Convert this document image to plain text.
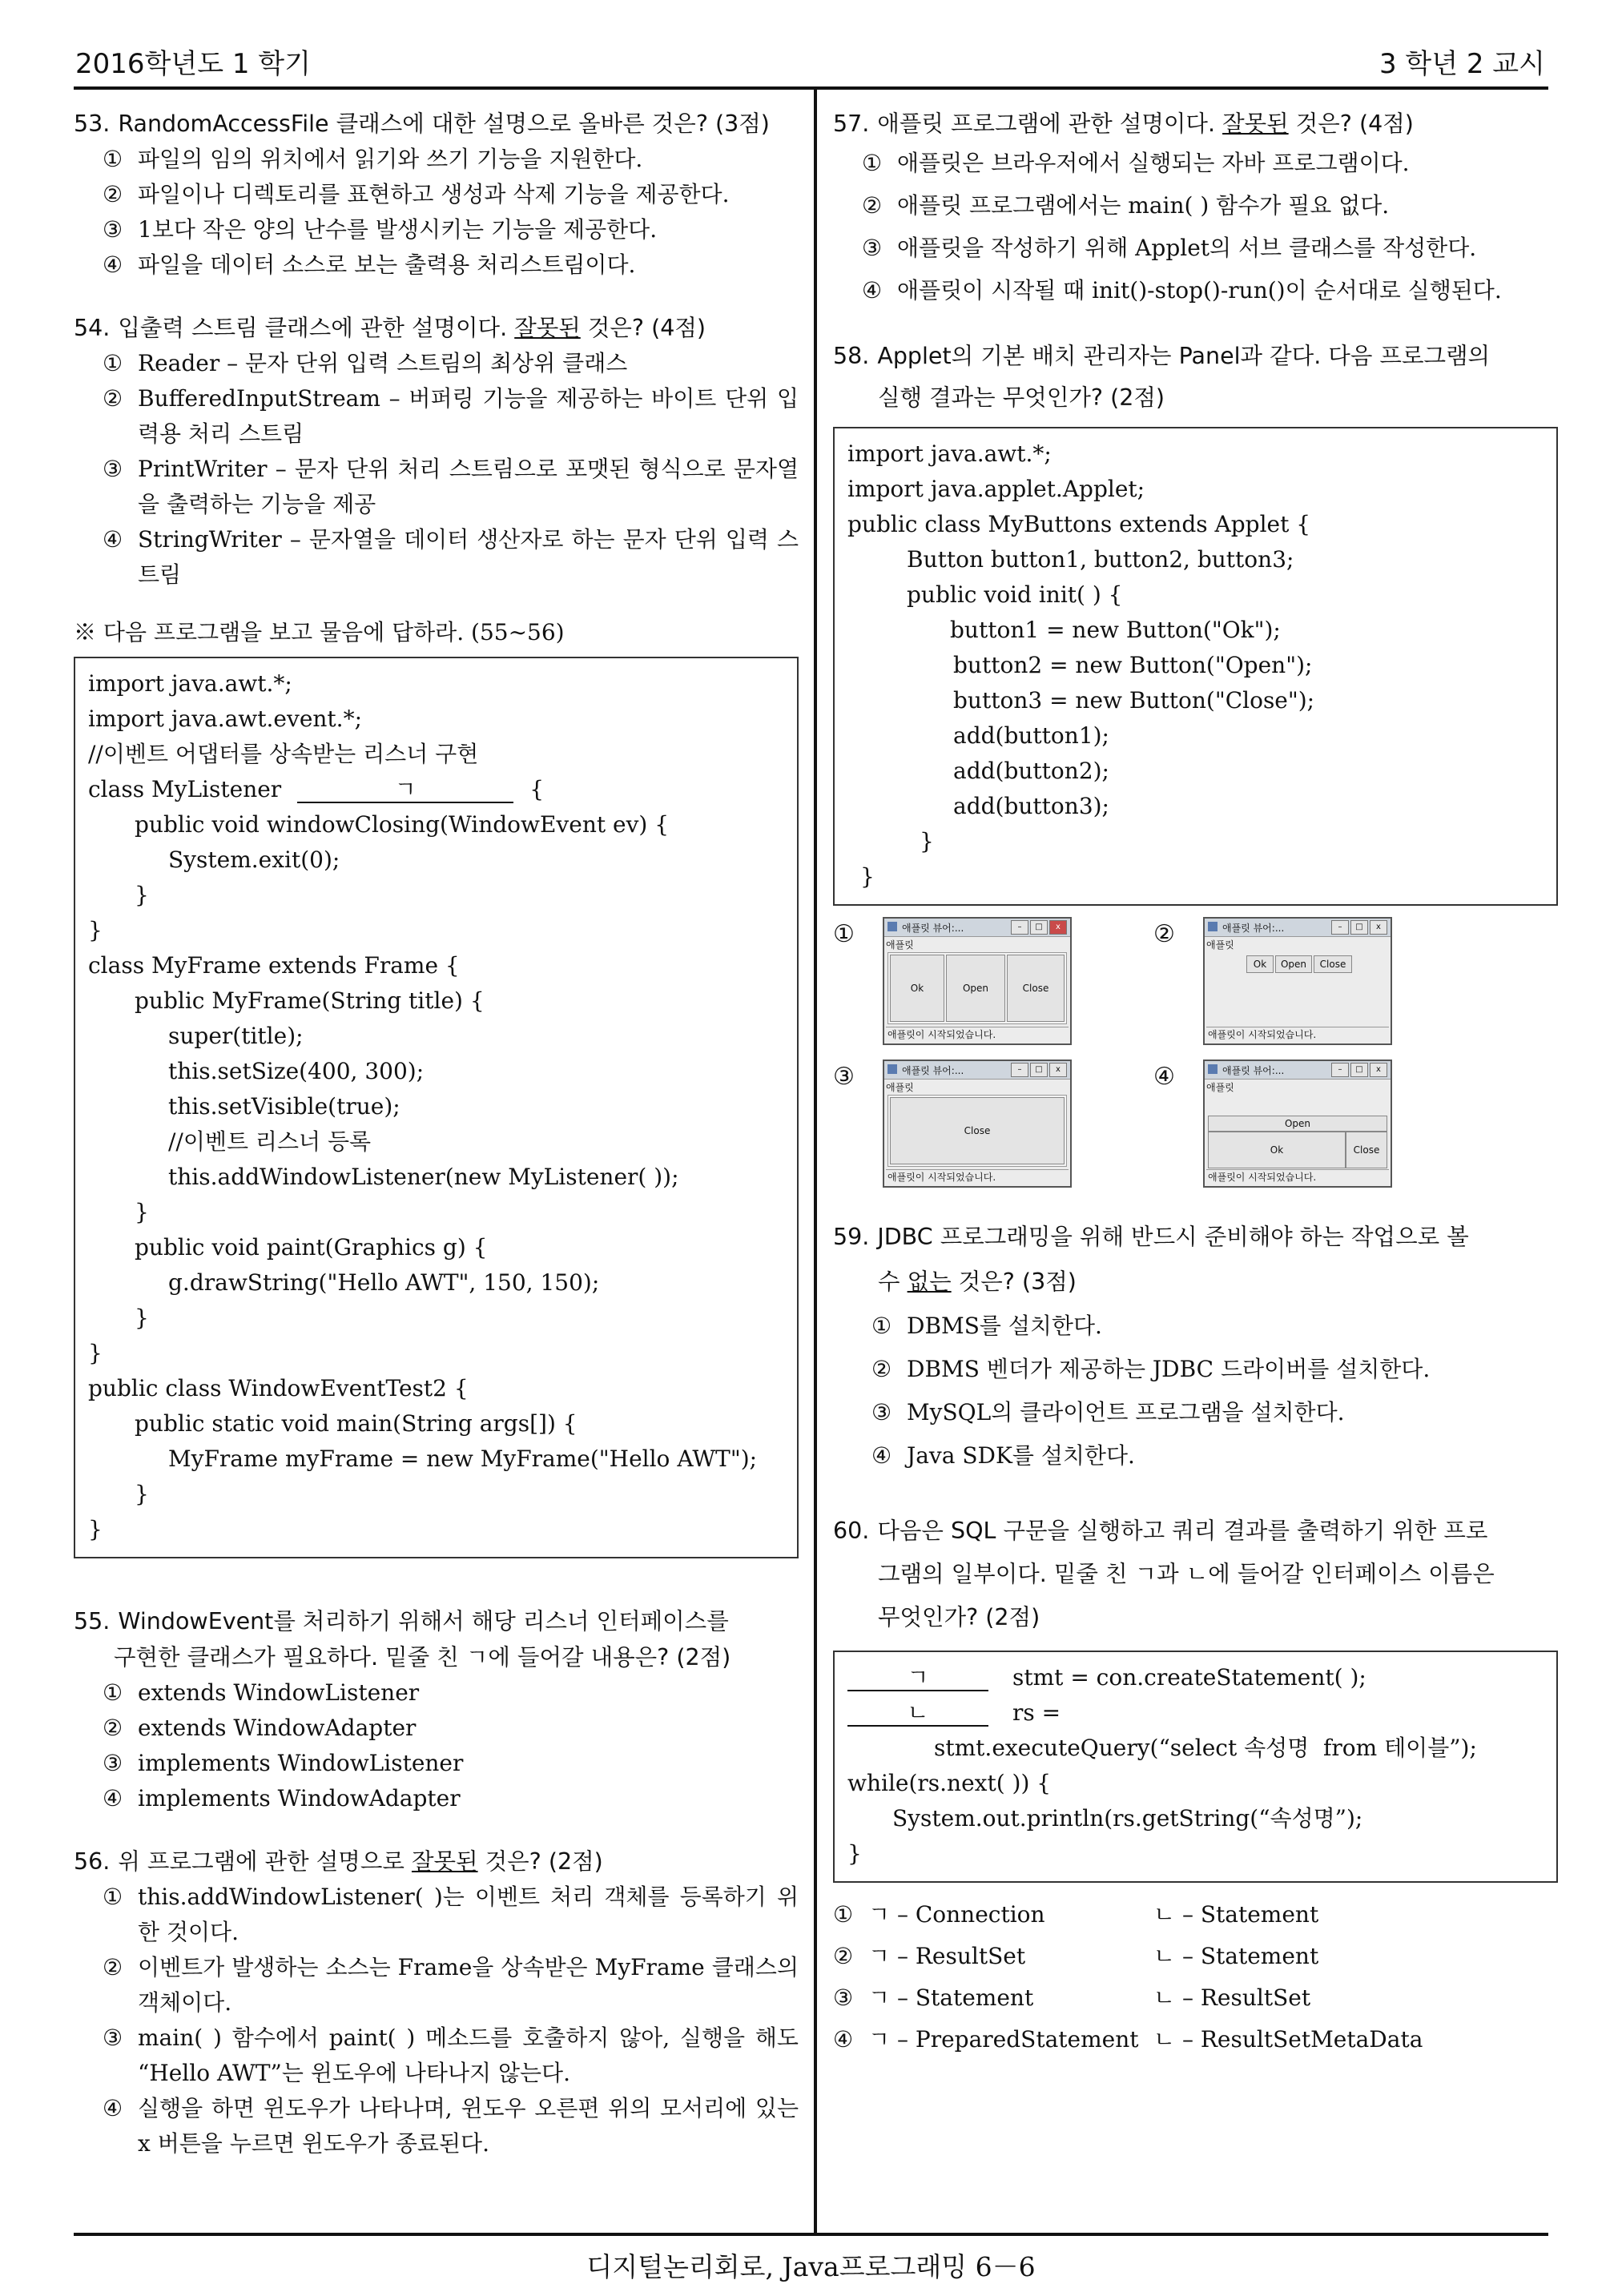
2016학년도 1 학기	3 학년 2 교시
53. RandomAccessFile 클래스에 대한 설명으로 올바른 것은? (3점)
① 파일의 임의 위치에서 읽기와 쓰기 기능을 지원한다.
② 파일이나 디렉토리를 표현하고 생성과 삭제 기능을 제공한다.
③ 1보다 작은 양의 난수를 발생시키는 기능을 제공한다.
④ 파일을 데이터 소스로 보는 출력용 처리스트림이다.
54. 입출력 스트림 클래스에 관한 설명이다. 잘못된 것은? (4점)
① Reader – 문자 단위 입력 스트림의 최상위 클래스
② BufferedInputStream – 버퍼링 기능을 제공하는 바이트 단위 입력용 처리 스트림
③ PrintWriter – 문자 단위 처리 스트림으로 포맷된 형식으로 문자열을 출력하는 기능을 제공
④ StringWriter – 문자열을 데이터 생산자로 하는 문자 단위 입력 스트림
※ 다음 프로그램을 보고 물음에 답하라. (55∼56)
import java.awt.*;
import java.awt.event.*;
//이벤트 어댑터를 상속받는 리스너 구현
class MyListener	ㄱ	{
public void windowClosing(WindowEvent ev) {
System.exit(0);
}
}
class MyFrame extends Frame {
public MyFrame(String title) {
super(title);
this.setSize(400, 300);
this.setVisible(true);
//이벤트 리스너 등록
this.addWindowListener(new MyListener( ));
}
public void paint(Graphics g) {
g.drawString("Hello AWT", 150, 150);
}
}
public class WindowEventTest2 {
public static void main(String args[]) {
MyFrame myFrame = new MyFrame("Hello AWT");
}
}
55. WindowEvent를 처리하기 위해서 해당 리스너 인터페이스를
구현한 클래스가 필요하다. 밑줄 친 ㄱ에 들어갈 내용은? (2점)
① extends WindowListener
② extends WindowAdapter
③ implements WindowListener
④ implements WindowAdapter
56. 위 프로그램에 관한 설명으로 잘못된 것은? (2점)
① this.addWindowListener( )는 이벤트 처리 객체를 등록하기 위한 것이다.
② 이벤트가 발생하는 소스는 Frame을 상속받은 MyFrame 클래스의 객체이다.
③ main( ) 함수에서 paint( ) 메소드를 호출하지 않아, 실행을 해도 “Hello AWT”는 윈도우에 나타나지 않는다.
④ 실행을 하면 윈도우가 나타나며, 윈도우 오른편 위의 모서리에 있는 x 버튼을 누르면 윈도우가 종료된다.
57. 애플릿 프로그램에 관한 설명이다. 잘못된 것은? (4점)
① 애플릿은 브라우저에서 실행되는 자바 프로그램이다.
② 애플릿 프로그램에서는 main( ) 함수가 필요 없다.
③ 애플릿을 작성하기 위해 Applet의 서브 클래스를 작성한다.
④ 애플릿이 시작될 때 init()-stop()-run()이 순서대로 실행된다.
58. Applet의 기본 배치 관리자는 Panel과 같다. 다음 프로그램의
실행 결과는 무엇인가? (2점)
import java.awt.*;
import java.applet.Applet;
public class MyButtons extends Applet {
Button button1, button2, button3;
public void init( ) {
button1 = new Button("Ok");
button2 = new Button("Open");
button3 = new Button("Close");
add(button1);
add(button2);
add(button3);
}
}
①	애플릿 뷰어:...	–	□	x
애플릿
Ok	Open	Close
애플릿이 시작되었습니다.
②	애플릿 뷰어:...	–	□	x
애플릿
Ok	Open	Close
애플릿이 시작되었습니다.
③	애플릿 뷰어:...	–	□	x
애플릿
Close
애플릿이 시작되었습니다.
④	애플릿 뷰어:...	–	□	x
애플릿
Open
Ok	Close
애플릿이 시작되었습니다.
59. JDBC 프로그래밍을 위해 반드시 준비해야 하는 작업으로 볼
수 없는 것은? (3점)
① DBMS를 설치한다.
② DBMS 벤더가 제공하는 JDBC 드라이버를 설치한다.
③ MySQL의 클라이언트 프로그램을 설치한다.
④ Java SDK를 설치한다.
60. 다음은 SQL 구문을 실행하고 쿼리 결과를 출력하기 위한 프로
그램의 일부이다. 밑줄 친 ㄱ과 ㄴ에 들어갈 인터페이스 이름은
무엇인가? (2점)
ㄱ	stmt = con.createStatement( );
ㄴ	rs =
stmt.executeQuery(“select 속성명  from 테이블”);
while(rs.next( )) {
System.out.println(rs.getString(“속성명”);
}
① ㄱ – Connection	ㄴ – Statement
② ㄱ – ResultSet	ㄴ – Statement
③ ㄱ – Statement	ㄴ – ResultSet
④ ㄱ – PreparedStatement ㄴ – ResultSetMetaData
디지털논리회로, Java프로그래밍 6－6
